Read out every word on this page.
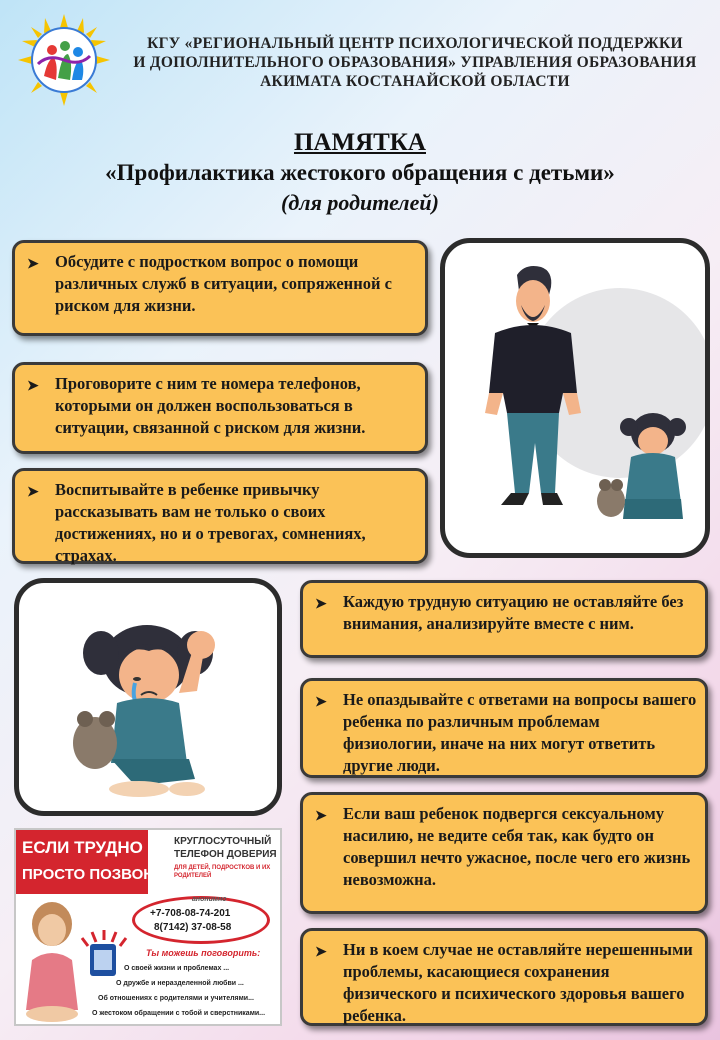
КГУ «РЕГИОНАЛЬНЫЙ ЦЕНТР ПСИХОЛОГИЧЕСКОЙ ПОДДЕРЖКИ
И ДОПОЛНИТЕЛЬНОГО ОБРАЗОВАНИЯ» УПРАВЛЕНИЯ ОБРАЗОВАНИЯ
АКИМАТА КОСТАНАЙСКОЙ ОБЛАСТИ
ПАМЯТКА
«Профилактика жестокого обращения с детьми»
(для родителей)
➤ Обсудите с подростком вопрос о помощи различных служб в ситуации, сопряженной с риском для жизни.
➤ Проговорите с ним те номера телефонов, которыми он должен воспользоваться в ситуации, связанной с риском для жизни.
➤ Воспитывайте в ребенке привычку рассказывать вам не только о своих достижениях, но и о тревогах, сомнениях, страхах.
➤ Каждую трудную ситуацию не оставляйте без внимания, анализируйте вместе с ним.
➤ Не опаздывайте с ответами на вопросы вашего ребенка по различным проблемам физиологии, иначе на них могут ответить другие люди.
➤ Если ваш ребенок подвергся сексуальному насилию, не ведите себя так, как будто он совершил нечто ужасное, после чего его жизнь невозможна.
➤ Ни в коем случае не оставляйте нерешенными проблемы, касающиеся сохранения физического и психического здоровья вашего ребенка.
ЕСЛИ ТРУДНО -
ПРОСТО ПОЗВОНИ
КРУГЛОСУТОЧНЫЙ
ТЕЛЕФОН ДОВЕРИЯ
ДЛЯ ДЕТЕЙ, ПОДРОСТКОВ И ИХ РОДИТЕЛЕЙ
анонимно
+7-708-08-74-201
8(7142) 37-08-58
Ты можешь поговорить:
О своей жизни и проблемах ...
О дружбе и неразделенной любви ...
Об отношениях с родителями и учителями...
О жестоком обращении с тобой и сверстниками...
